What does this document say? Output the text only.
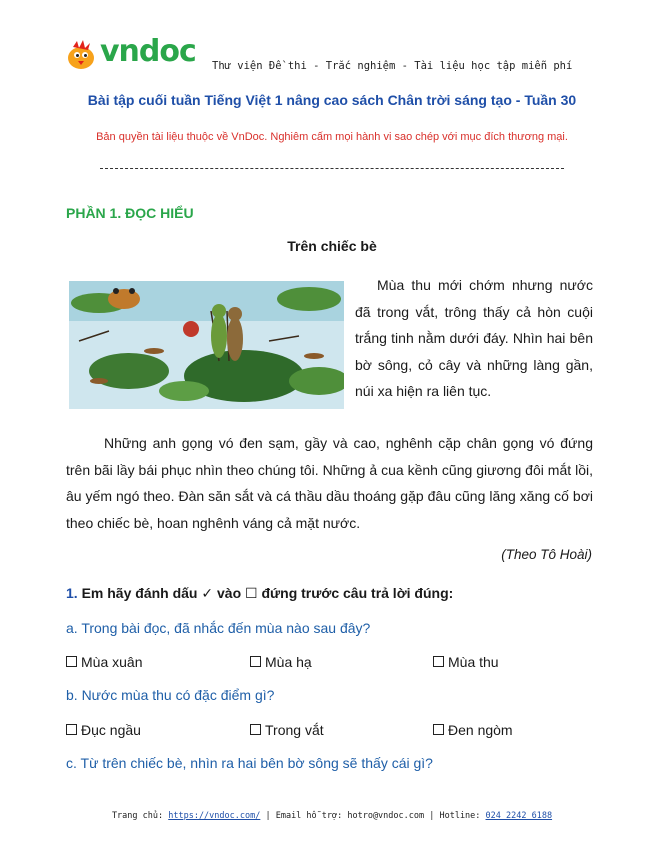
vndoc Thư viện Đề thi - Trắc nghiệm - Tài liệu học tập miễn phí
Bài tập cuối tuần Tiếng Việt 1 nâng cao sách Chân trời sáng tạo - Tuần 30
Bản quyền tài liệu thuộc về VnDoc. Nghiêm cấm mọi hành vi sao chép với mục đích thương mại.
PHẦN 1. ĐỌC HIỂU
Trên chiếc bè
Mùa thu mới chớm nhưng nước đã trong vắt, trông thấy cả hòn cuội trắng tinh nằm dưới đáy. Nhìn hai bên bờ sông, cỏ cây và những làng gần, núi xa hiện ra liên tục.
Những anh gọng vó đen sạm, gầy và cao, nghênh cặp chân gọng vó đứng trên bãi lầy bái phục nhìn theo chúng tôi. Những ả cua kềnh cũng giương đôi mắt lồi, âu yếm ngó theo. Đàn săn sắt và cá thầu dầu thoáng gặp đâu cũng lăng xăng cố bơi theo chiếc bè, hoan nghênh váng cả mặt nước.
(Theo Tô Hoài)
1. Em hãy đánh dấu ✓ vào ☐ đứng trước câu trả lời đúng:
a. Trong bài đọc, đã nhắc đến mùa nào sau đây?
Mùa xuân	Mùa hạ	Mùa thu
b. Nước mùa thu có đặc điểm gì?
Đục ngầu	Trong vắt	Đen ngòm
c. Từ trên chiếc bè, nhìn ra hai bên bờ sông sẽ thấy cái gì?
Trang chủ: https://vndoc.com/ | Email hỗ trợ: hotro@vndoc.com | Hotline: 024 2242 6188
